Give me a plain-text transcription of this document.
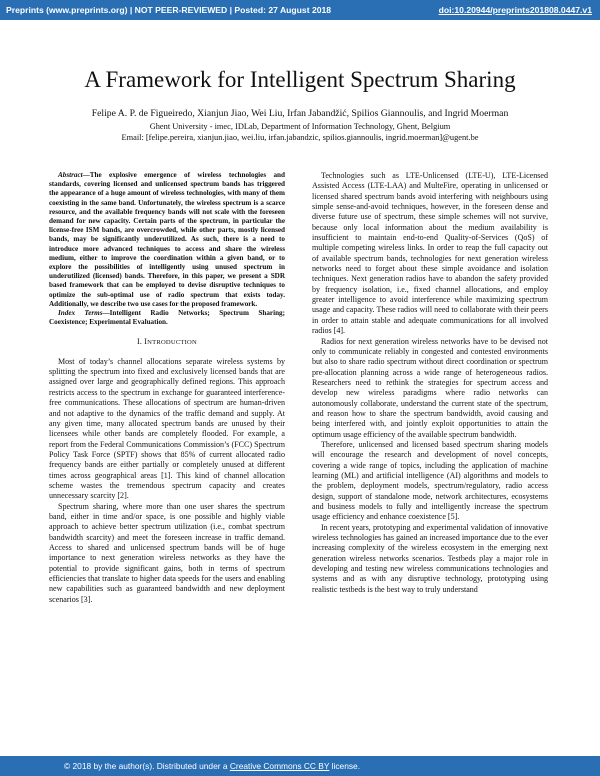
Preprints (www.preprints.org) | NOT PEER-REVIEWED | Posted: 27 August 2018	doi:10.20944/preprints201808.0447.v1
A Framework for Intelligent Spectrum Sharing
Felipe A. P. de Figueiredo, Xianjun Jiao, Wei Liu, Irfan Jabandžić, Spilios Giannoulis, and Ingrid Moerman
Ghent University - imec, IDLab, Department of Information Technology, Ghent, Belgium
Email: [felipe.pereira, xianjun.jiao, wei.liu, irfan.jabandzic, spilios.giannoulis, ingrid.moerman]@ugent.be

Abstract—The explosive emergence of wireless technologies and standards, covering licensed and unlicensed spectrum bands has triggered the appearance of a huge amount of wireless technologies, with many of them coexisting in the same band. Unfortunately, the wireless spectrum is a scarce resource, and the available frequency bands will not scale with the foreseen demand for new capacity. Certain parts of the spectrum, in particular the license-free ISM bands, are overcrowded, while other parts, mostly licensed bands, may be significantly underutilized. As such, there is a need to introduce more advanced techniques to access and share the wireless medium, either to improve the coordination within a given band, or to explore the possibilities of intelligently using unused spectrum in underutilized (licensed) bands. Therefore, in this paper, we present a SDR based framework that can be employed to devise disruptive techniques to optimize the sub-optimal use of radio spectrum that exists today. Additionally, we describe two use cases for the proposed framework.

Index Terms—Intelligent Radio Networks; Spectrum Sharing; Coexistence; Experimental Evaluation.

I. INTRODUCTION

Most of today’s channel allocations separate wireless systems by splitting the spectrum into fixed and exclusively licensed bands that are assigned over large and geographically defined regions. This approach restricts access to the spectrum in exchange for guaranteed interference-free communications. These allocations of spectrum are human-driven and not adaptive to the dynamics of the traffic demand and supply. At any given time, many allocated spectrum bands are unused by their licensees while other bands are completely flooded. For example, a report from the Federal Communications Commission’s (FCC) Spectrum Policy Task Force (SPTF) shows that 85% of current allocated radio frequency bands are either partially or completely unused at different times across geographical areas [1]. This kind of channel allocation scheme wastes the tremendous spectrum capacity and creates unnecessary scarcity [2].

Spectrum sharing, where more than one user shares the spectrum band, either in time and/or space, is one possible and highly viable approach to achieve better spectrum utilization (i.e., combat spectrum bandwidth scarcity) and meet the foreseen increase in traffic demand. Access to shared and unlicensed spectrum bands will be of huge importance to next generation wireless networks as they have the potential to provide significant gains, both in terms of spectrum efficiencies that translate to higher data speeds for the users and enabling new capabilities such as guaranteed bandwidth and new deployment scenarios [3].

Technologies such as LTE-Unlicensed (LTE-U), LTE-Licensed Assisted Access (LTE-LAA) and MulteFire, operating in unlicensed or licensed shared spectrum bands avoid interfering with neighbours using simple sense-and-avoid techniques, however, in the foreseen dense and diverse future use of spectrum, these simple schemes will not survive, because only local information about the medium availability is insufficient to maintain end-to-end Quality-of-Services (QoS) of multiple competing wireless links. In order to reap the full capacity out of available spectrum bands, technologies for next generation wireless networks need to forget about these simple avoidance and isolation techniques. Next generation radios have to abandon the safety provided by frequency isolation, i.e., fixed channel allocations, and employ greater intelligence to avoid interference while maximizing spectrum usage and capacity. These radios will need to collaborate with their peers in order to attain stable and adequate communications for all involved radios [4].

Radios for next generation wireless networks have to be devised not only to communicate reliably in congested and contested environments but also to share radio spectrum without direct coordination or spectrum pre-allocation planning across a wide range of heterogeneous radios. Researchers need to rethink the strategies for spectrum access and develop new wireless paradigms where radio networks can autonomously collaborate, understand the current state of the spectrum, and reason how to share the spectrum bandwidth, avoid causing and being interfered with, and jointly exploit opportunities to attain the optimum usage efficiency of the available spectrum bandwidth.

Therefore, unlicensed and licensed based spectrum sharing models will encourage the research and development of novel concepts, covering a wide range of topics, including the application of machine learning (ML) and artificial intelligence (AI) algorithms and models to the problem, deployment models, spectrum/regulatory, radio access design, support of standalone mode, network architectures, ecosystems and business models to fully and intelligently increase the spectrum usage efficiency and enhance coexistence [5].

In recent years, prototyping and experimental validation of innovative wireless technologies has gained an increased importance due to the ever increasing complexity of the wireless ecosystem in the emerging next generation wireless networks scenarios. Testbeds play a major role in developing and testing new wireless communications technologies and systems and as with any disruptive technology, prototyping using realistic testbeds is the best way to truly understand

© 2018 by the author(s). Distributed under a Creative Commons CC BY license.
